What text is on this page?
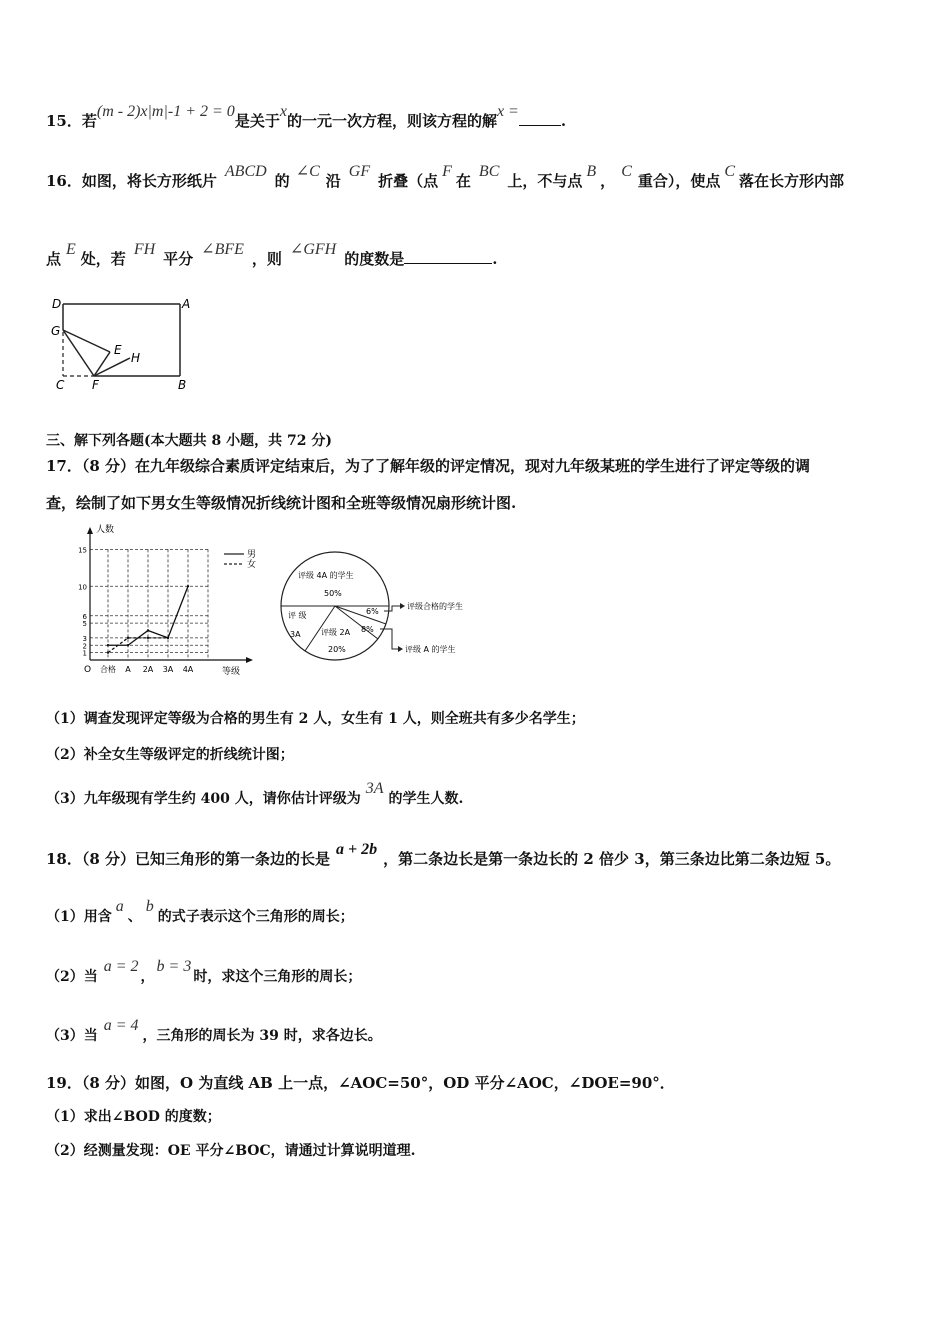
15．若(m - 2)x|m|-1 + 2 = 0是关于x的一元一次方程，则该方程的解x =.
16．如图，将长方形纸片ABCD的∠C沿GF折叠（点F在BC上，不与点B，C重合），使点C落在长方形内部
点E处，若FH平分∠BFE，则∠GFH的度数是	.
D	A
G
E
H
C F	B
三、解下列各题(本大题共 8 小题，共 72 分)
17．（8 分）在九年级综合素质评定结束后，为了了解年级的评定情况，现对九年级某班的学生进行了评定等级的调
查，绘制了如下男女生等级情况折线统计图和全班等级情况扇形统计图.
1
2
3
5
6
10
15
合格 A 2A 3A 4A
人数
等级
O
男
女
评级 4A 的学生
50%
评 级
3A	评级 2A
20%
8%
6%
评级合格的学生
评级 A 的学生
（1）调查发现评定等级为合格的男生有 2 人，女生有 1 人，则全班共有多少名学生；
（2）补全女生等级评定的折线统计图；
（3）九年级现有学生约 400 人，请你估计评级为3A的学生人数.
18．（8 分）已知三角形的第一条边的长是a + 2b，第二条边长是第一条边长的 2 倍少 3，第三条边比第二条边短 5。
（1）用含a、b的式子表示这个三角形的周长；
（2）当a = 2，b = 3时，求这个三角形的周长；
（3）当a = 4，三角形的周长为 39 时，求各边长。
19．（8 分）如图，O 为直线 AB 上一点，∠AOC=50°，OD 平分∠AOC，∠DOE=90°．
（1）求出∠BOD 的度数；
（2）经测量发现：OE 平分∠BOC，请通过计算说明道理.
